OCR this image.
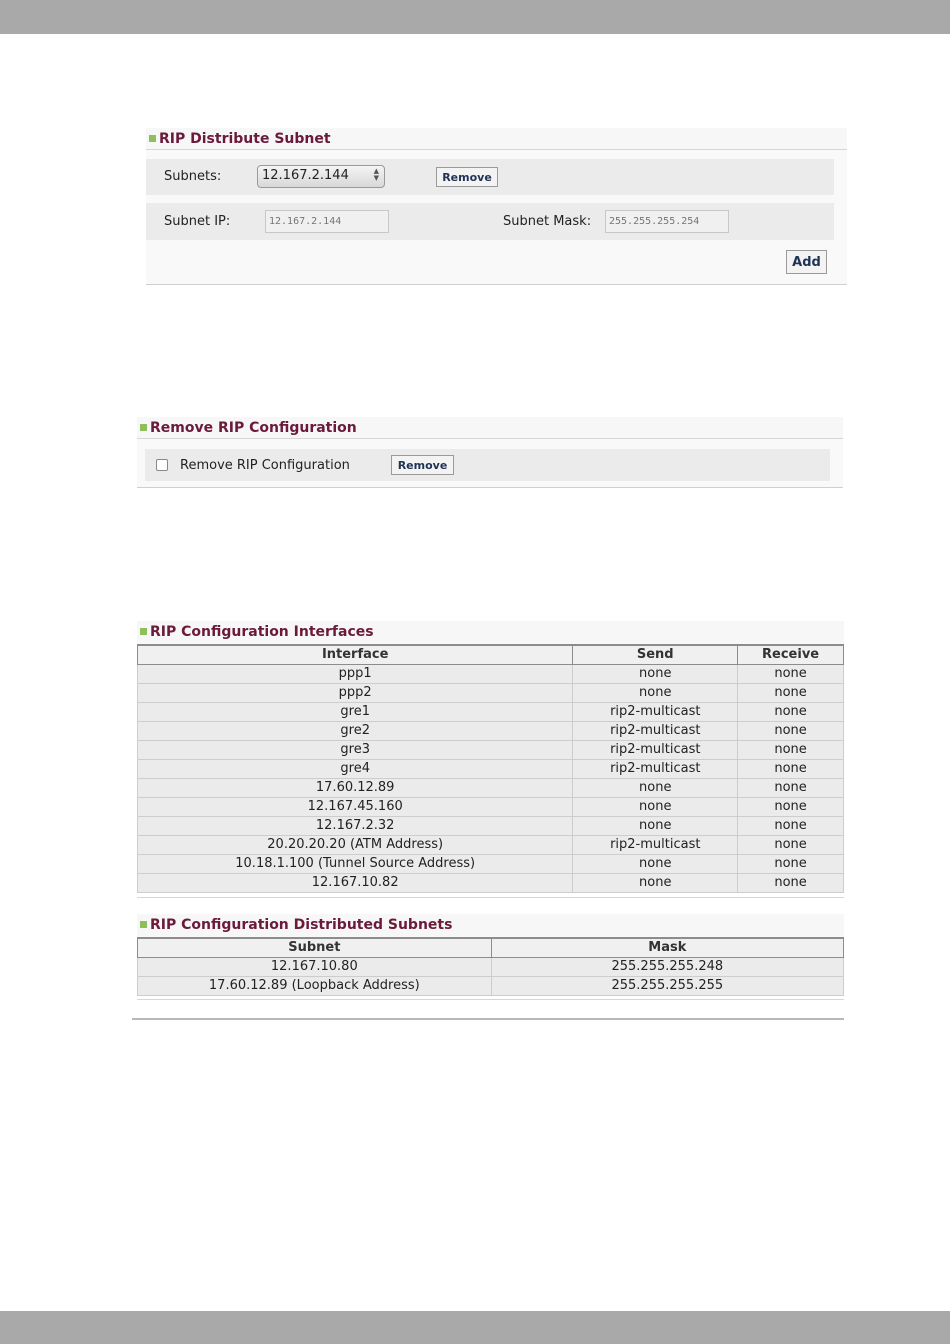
RIP Distribute Subnet
Subnets:	12.167.2.144	▲
▼	Remove
Subnet IP:
12.167.2.144	Subnet Mask:
255.255.255.254
Add
Remove RIP Configuration
Remove RIP Configuration	Remove
RIP Configuration Interfaces
Interface	Send	Receive
ppp1	none	none
ppp2	none	none
gre1	rip2-multicast	none
gre2	rip2-multicast	none
gre3	rip2-multicast	none
gre4	rip2-multicast	none
17.60.12.89	none	none
12.167.45.160	none	none
12.167.2.32	none	none
20.20.20.20 (ATM Address)	rip2-multicast	none
10.18.1.100 (Tunnel Source Address)	none	none
12.167.10.82	none	none
RIP Configuration Distributed Subnets
Subnet	Mask
12.167.10.80	255.255.255.248
17.60.12.89 (Loopback Address)	255.255.255.255
